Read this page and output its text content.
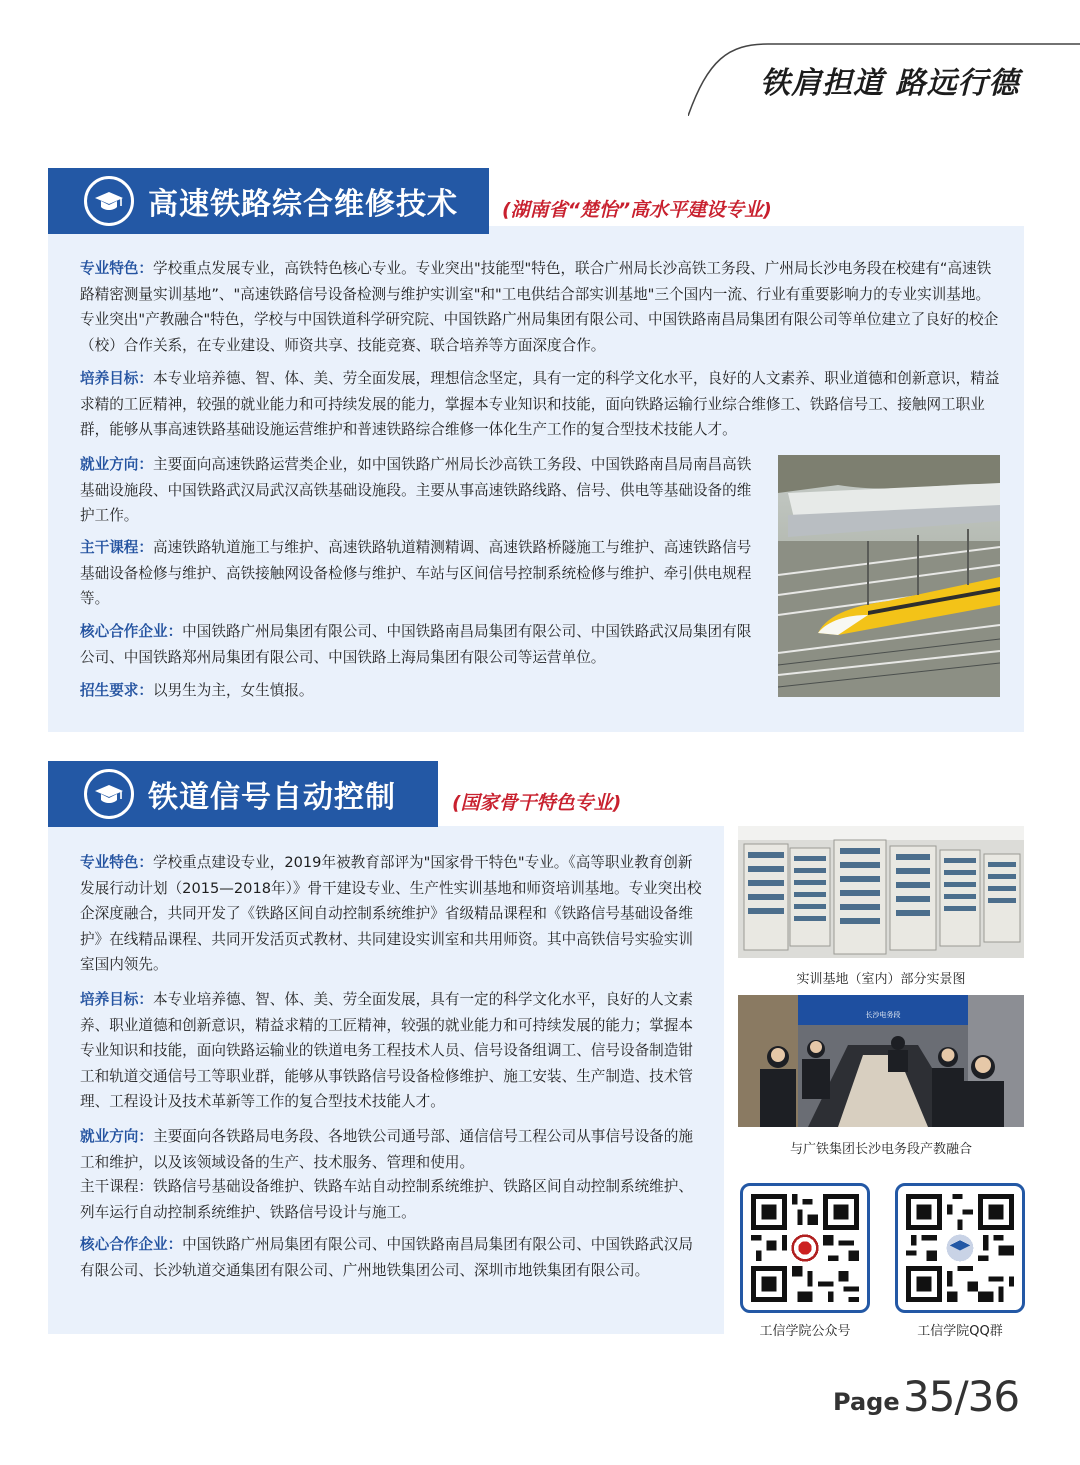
铁肩担道 路远行德
高速铁路综合维修技术 (湖南省“楚怡”高水平建设专业)
专业特色：学校重点发展专业，高铁特色核心专业。专业突出"技能型"特色，联合广州局长沙高铁工务段、广州局长沙电务段在校建有“高速铁路精密测量实训基地”、"高速铁路信号设备检测与维护实训室"和"工电供结合部实训基地"三个国内一流、行业有重要影响力的专业实训基地。专业突出"产教融合"特色，学校与中国铁道科学研究院、中国铁路广州局集团有限公司、中国铁路南昌局集团有限公司等单位建立了良好的校企（校）合作关系，在专业建设、师资共享、技能竞赛、联合培养等方面深度合作。
培养目标：本专业培养德、智、体、美、劳全面发展，理想信念坚定，具有一定的科学文化水平，良好的人文素养、职业道德和创新意识，精益求精的工匠精神，较强的就业能力和可持续发展的能力，掌握本专业知识和技能，面向铁路运输行业综合维修工、铁路信号工、接触网工职业群，能够从事高速铁路基础设施运营维护和普速铁路综合维修一体化生产工作的复合型技术技能人才。
就业方向：主要面向高速铁路运营类企业，如中国铁路广州局长沙高铁工务段、中国铁路南昌局南昌高铁基础设施段、中国铁路武汉局武汉高铁基础设施段。主要从事高速铁路线路、信号、供电等基础设备的维护工作。
主干课程：高速铁路轨道施工与维护、高速铁路轨道精测精调、高速铁路桥隧施工与维护、高速铁路信号基础设备检修与维护、高铁接触网设备检修与维护、车站与区间信号控制系统检修与维护、牵引供电规程等。
核心合作企业：中国铁路广州局集团有限公司、中国铁路南昌局集团有限公司、中国铁路武汉局集团有限公司、中国铁路郑州局集团有限公司、中国铁路上海局集团有限公司等运营单位。
招生要求：以男生为主，女生慎报。
铁道信号自动控制	(国家骨干特色专业)
专业特色：学校重点建设专业，2019年被教育部评为"国家骨干特色"专业。《高等职业教育创新发展行动计划（2015—2018年）》骨干建设专业、生产性实训基地和师资培训基地。专业突出校企深度融合，共同开发了《铁路区间自动控制系统维护》省级精品课程和《铁路信号基础设备维护》在线精品课程、共同开发活页式教材、共同建设实训室和共用师资。其中高铁信号实验实训室国内领先。
培养目标：本专业培养德、智、体、美、劳全面发展，具有一定的科学文化水平，良好的人文素养、职业道德和创新意识，精益求精的工匠精神，较强的就业能力和可持续发展的能力；掌握本专业知识和技能，面向铁路运输业的铁道电务工程技术人员、信号设备组调工、信号设备制造钳工和轨道交通信号工等职业群，能够从事铁路信号设备检修维护、施工安装、生产制造、技术管理、工程设计及技术革新等工作的复合型技术技能人才。
就业方向：主要面向各铁路局电务段、各地铁公司通号部、通信信号工程公司从事信号设备的施工和维护，以及该领域设备的生产、技术服务、管理和使用。
主干课程：铁路信号基础设备维护、铁路车站自动控制系统维护、铁路区间自动控制系统维护、列车运行自动控制系统维护、铁路信号设计与施工。
核心合作企业：中国铁路广州局集团有限公司、中国铁路南昌局集团有限公司、中国铁路武汉局有限公司、长沙轨道交通集团有限公司、广州地铁集团公司、深圳市地铁集团有限公司。
实训基地（室内）部分实景图
长沙电务段
与广铁集团长沙电务段产教融合
工信学院公众号	工信学院QQ群
Page 35/36
